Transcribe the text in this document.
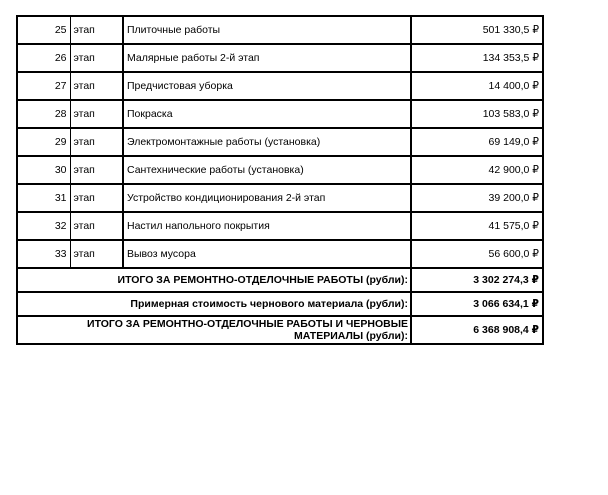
25	этап	Плиточные работы	501 330,5 ₽
26	этап	Малярные работы 2-й этап	134 353,5 ₽
27	этап	Предчистовая уборка	14 400,0 ₽
28	этап	Покраска	103 583,0 ₽
29	этап	Электромонтажные работы (установка)	69 149,0 ₽
30	этап	Сантехнические работы (установка)	42 900,0 ₽
31	этап	Устройство кондиционирования 2-й этап	39 200,0 ₽
32	этап	Настил напольного покрытия	41 575,0 ₽
33	этап	Вывоз мусора	56 600,0 ₽
ИТОГО ЗА РЕМОНТНО-ОТДЕЛОЧНЫЕ РАБОТЫ (рубли):			3 302 274,3 ₽
Примерная стоимость чернового материала (рубли):			3 066 634,1 ₽
ИТОГО ЗА РЕМОНТНО-ОТДЕЛОЧНЫЕ РАБОТЫ И ЧЕРНОВЫЕ МАТЕРИАЛЫ (рубли):			6 368 908,4 ₽
